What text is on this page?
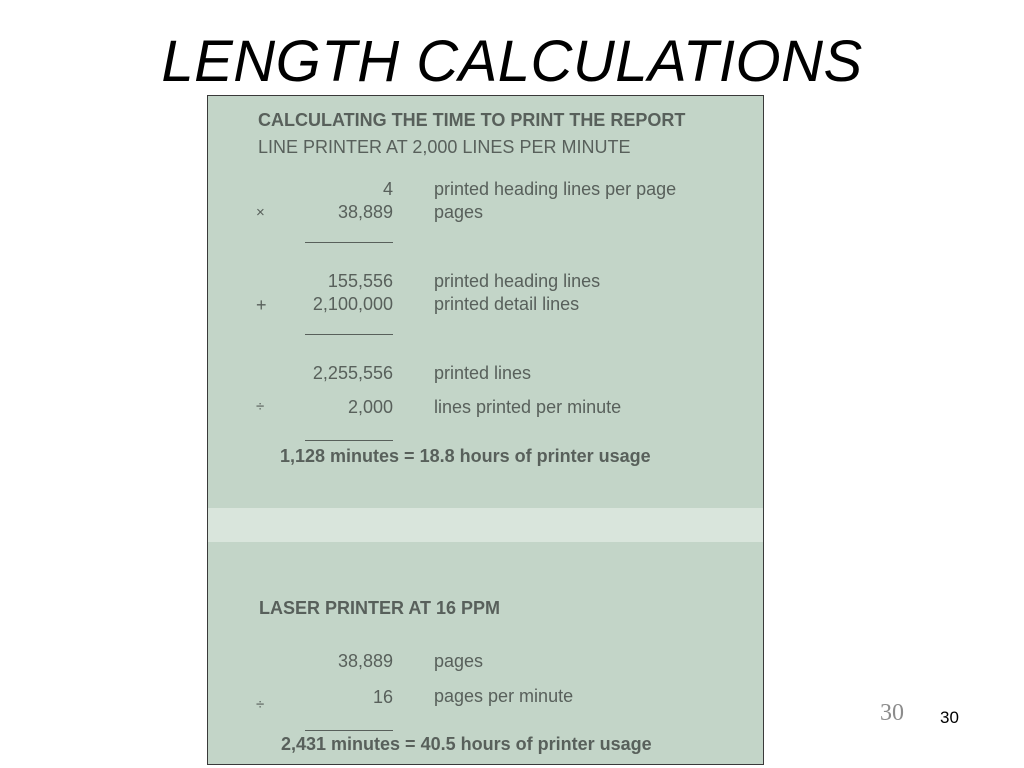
LENGTH CALCULATIONS
CALCULATING THE TIME TO PRINT THE REPORT
LINE PRINTER AT 2,000 LINES PER MINUTE
4 printed heading lines per page
×	38,889 pages
155,556 printed heading lines
+	2,100,000 printed detail lines
2,255,556 printed lines
÷	2,000 lines printed per minute
1,128 minutes = 18.8 hours of printer usage
LASER PRINTER AT 16 PPM
38,889 pages
÷	16 pages per minute
2,431 minutes = 40.5 hours of printer usage
30 30
